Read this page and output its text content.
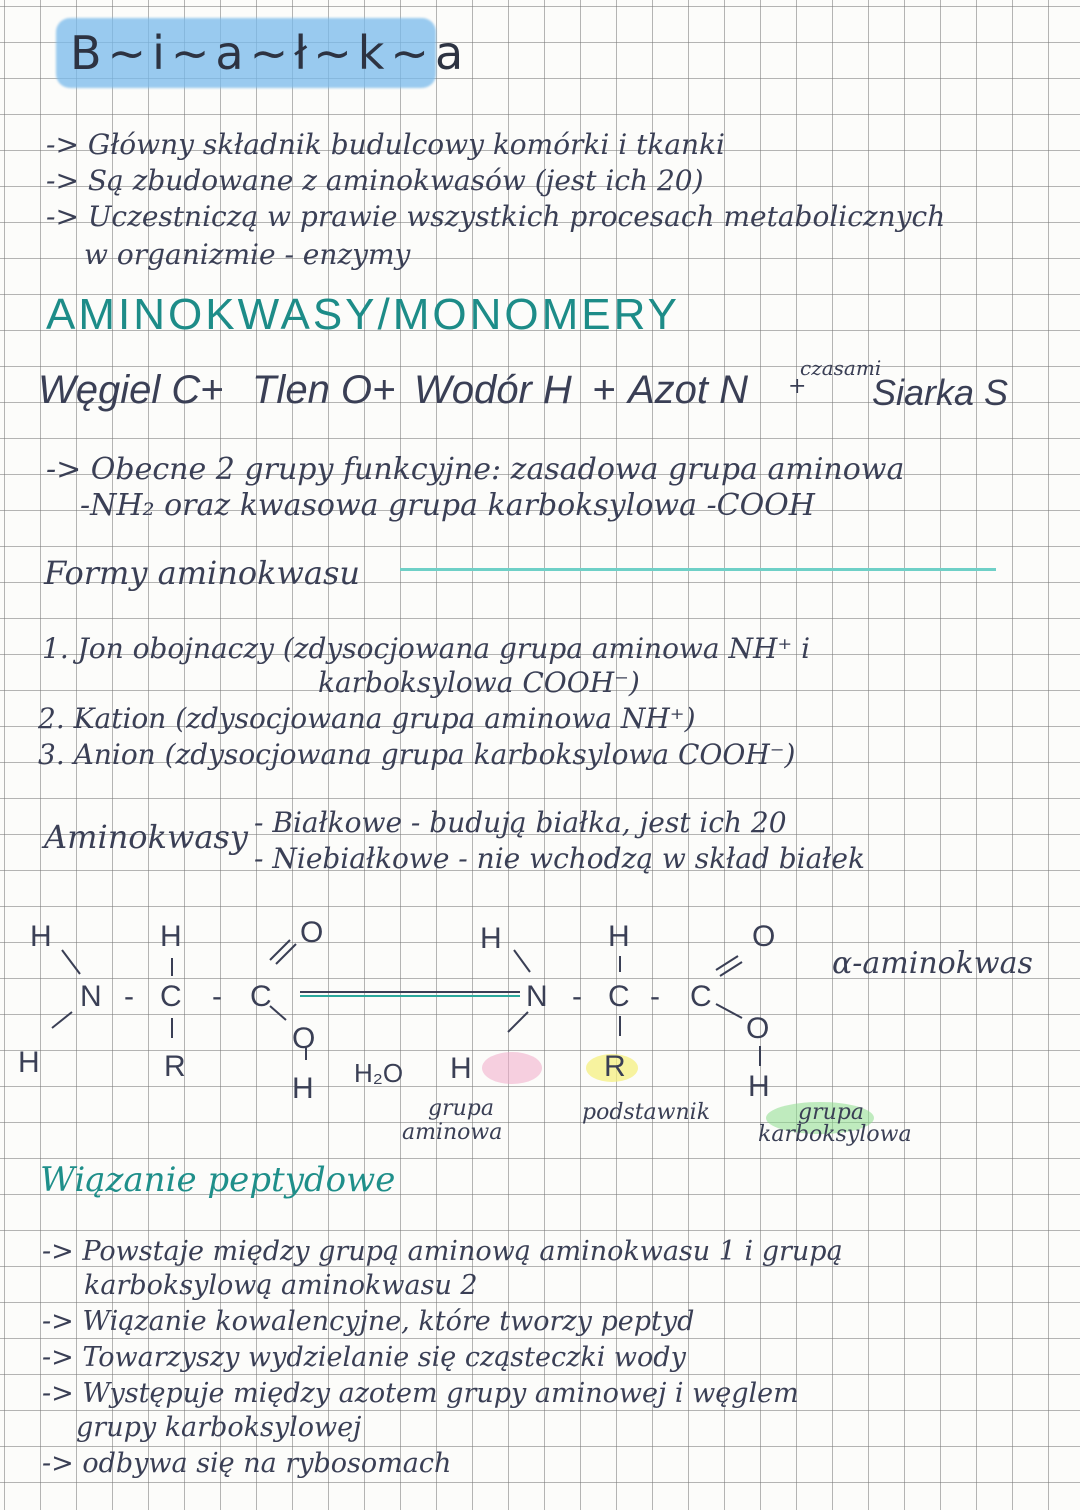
B~i~a~ł~k~a
-> Główny składnik budulcowy komórki i tkanki
-> Są zbudowane z aminokwasów (jest ich 20)
-> Uczestniczą w prawie wszystkich procesach metabolicznych
w organizmie - enzymy
AMINOKWASY/MONOMERY
Węgiel C + Tlen O + Wodór H + Azot N	czasami
+ Siarka S
-> Obecne 2 grupy funkcyjne: zasadowa grupa aminowa
-NH₂ oraz kwasowa grupa karboksylowa -COOH
Formy aminokwasu
1. Jon obojnaczy (zdysocjowana grupa aminowa NH⁺ i
karboksylowa COOH⁻)
2. Kation (zdysocjowana grupa aminowa NH⁺)
3. Anion (zdysocjowana grupa karboksylowa COOH⁻)
Aminokwasy - Białkowe - budują białka, jest ich 20
- Niebiałkowe - nie wchodzą w skład białek
H
H
N -
H
C
R
- C
O
O
H H₂O H
H
N -
H
C
R
- C
O
O
H
α-aminokwas
grupa
aminowa
podstawnik	grupa
karboksylowa
Wiązanie peptydowe
-> Powstaje między grupą aminową aminokwasu 1 i grupą
karboksylową aminokwasu 2
-> Wiązanie kowalencyjne, które tworzy peptyd
-> Towarzyszy wydzielanie się cząsteczki wody
-> Występuje między azotem grupy aminowej i węglem
grupy karboksylowej
-> odbywa się na rybosomach
